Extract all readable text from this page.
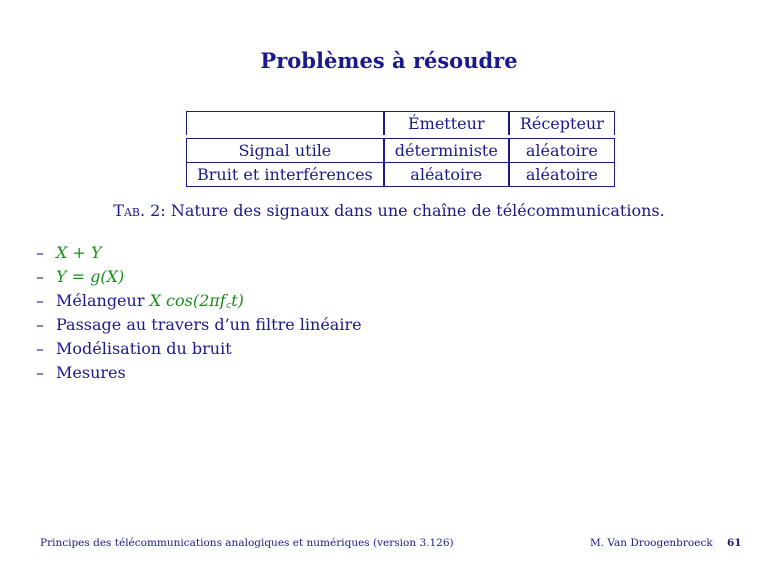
Problèmes à résoudre
	Émetteur	Récepteur

Signal utile	déterministe	aléatoire
Bruit et interférences	aléatoire	aléatoire
Tab. 2: Nature des signaux dans une chaîne de télécommunications.
– X + Y
– Y = g(X)
– Mélangeur X cos(2πf꜀t)
– Passage au travers d’un filtre linéaire
– Modélisation du bruit
– Mesures
Principes des télécommunications analogiques et numériques (version 3.126)	M. Van Droogenbroeck 61
